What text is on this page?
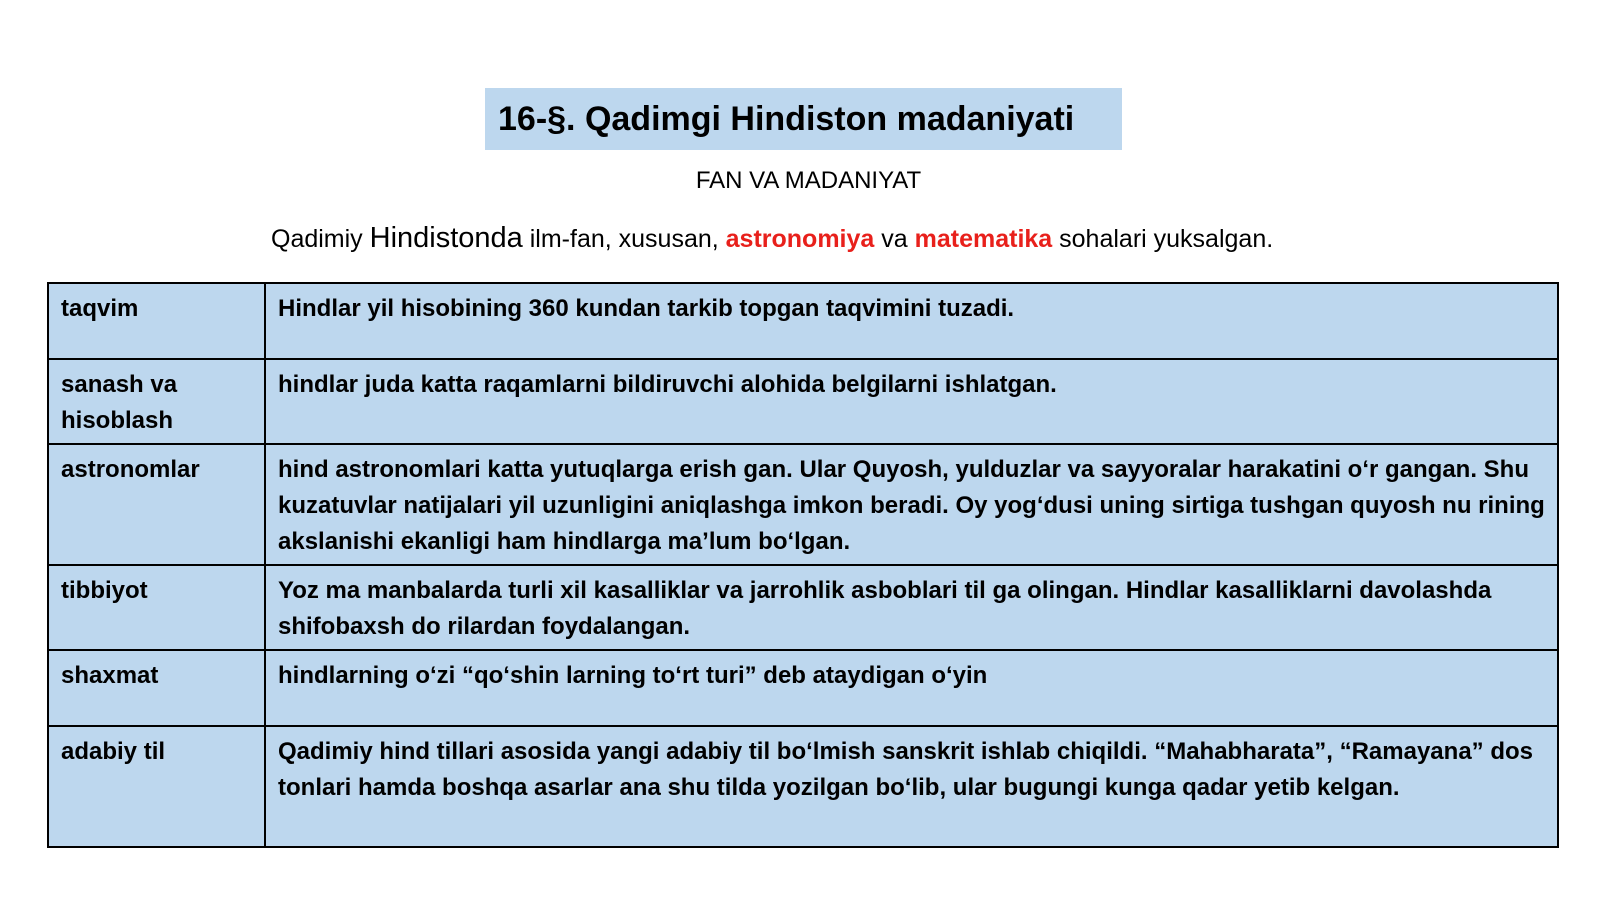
16-§. Qadimgi Hindiston madaniyati
FAN VA MADANIYAT
Qadimiy Hindistonda ilm-fan, xususan, astronomiya va matematika sohalari yuksalgan.
taqvim	Hindlar yil hisobining 360 kundan tarkib topgan taqvimini tuzadi.
sanash va hisoblash	hindlar juda katta raqamlarni bildiruvchi alohida belgilarni ishlatgan.
astronomlar	hind astronomlari katta yutuqlarga erish gan. Ular Quyosh, yulduzlar va sayyoralar harakatini o‘r gangan. Shu kuzatuvlar natijalari yil uzunligini aniqlashga imkon beradi. Oy yog‘dusi uning sirtiga tushgan quyosh nu rining akslanishi ekanligi ham hindlarga ma’lum bo‘lgan.
tibbiyot	Yoz ma manbalarda turli xil kasalliklar va jarrohlik asboblari til ga olingan. Hindlar kasalliklarni davolashda shifobaxsh do rilardan foydalangan.
shaxmat	hindlarning o‘zi “qo‘shin larning to‘rt turi” deb ataydigan o‘yin
adabiy til	Qadimiy hind tillari asosida yangi adabiy til bo‘lmish sanskrit ishlab chiqildi. “Mahabharata”, “Ramayana” dos tonlari hamda boshqa asarlar ana shu tilda yozilgan bo‘lib, ular bugungi kunga qadar yetib kelgan.
